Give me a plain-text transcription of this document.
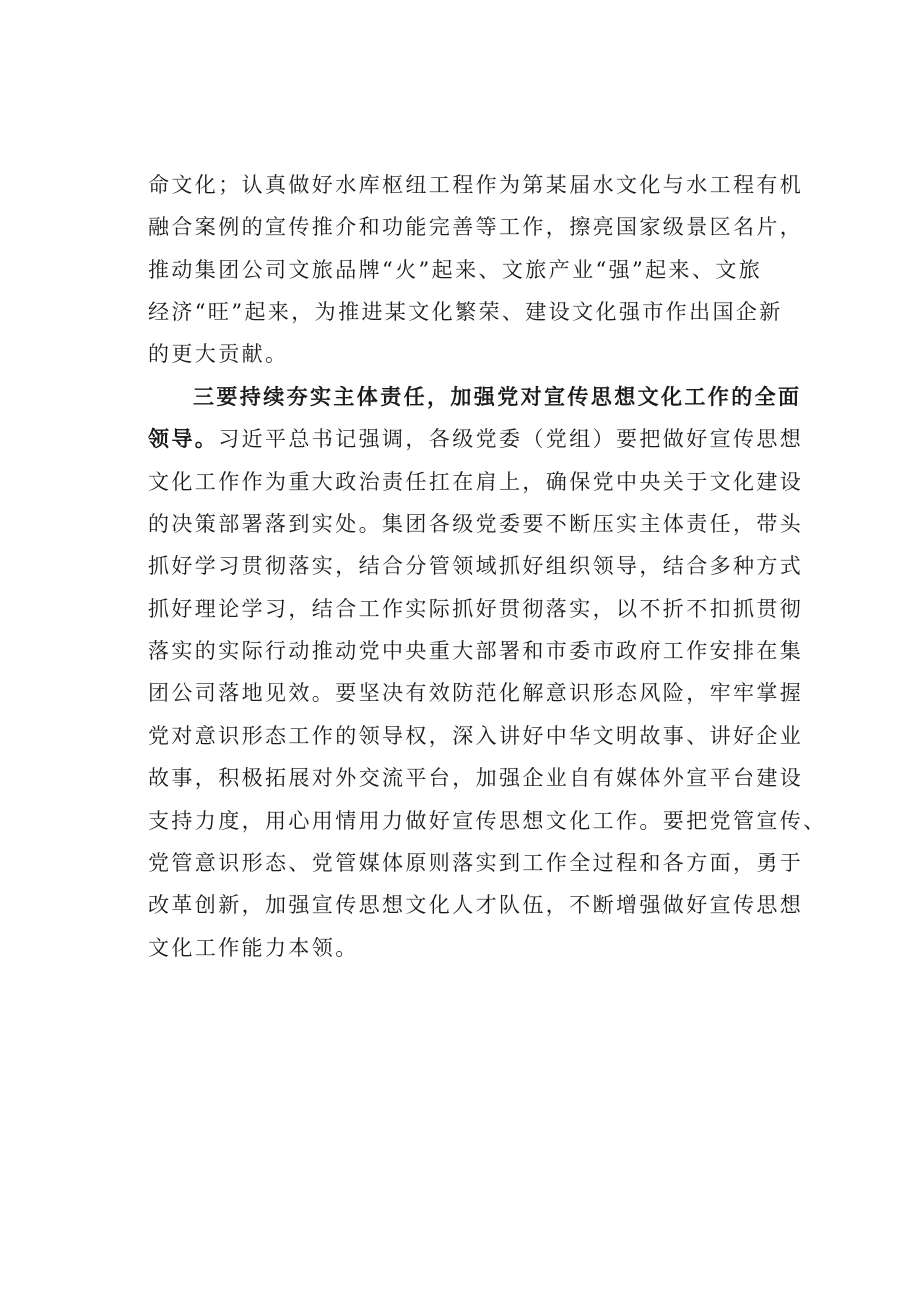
命文化；认真做好水库枢纽工程作为第某届水文化与水工程有机
融合案例的宣传推介和功能完善等工作，擦亮国家级景区名片，
推动集团公司文旅品牌“火”起来、文旅产业“强”起来、文旅
经济“旺”起来，为推进某文化繁荣、建设文化强市作出国企新
的更大贡献。
三要持续夯实主体责任，加强党对宣传思想文化工作的全面
领导。习近平总书记强调，各级党委（党组）要把做好宣传思想
文化工作作为重大政治责任扛在肩上，确保党中央关于文化建设
的决策部署落到实处。集团各级党委要不断压实主体责任，带头
抓好学习贯彻落实，结合分管领域抓好组织领导，结合多种方式
抓好理论学习，结合工作实际抓好贯彻落实，以不折不扣抓贯彻
落实的实际行动推动党中央重大部署和市委市政府工作安排在集
团公司落地见效。要坚决有效防范化解意识形态风险，牢牢掌握
党对意识形态工作的领导权，深入讲好中华文明故事、讲好企业
故事，积极拓展对外交流平台，加强企业自有媒体外宣平台建设
支持力度，用心用情用力做好宣传思想文化工作。要把党管宣传、
党管意识形态、党管媒体原则落实到工作全过程和各方面，勇于
改革创新，加强宣传思想文化人才队伍，不断增强做好宣传思想
文化工作能力本领。
